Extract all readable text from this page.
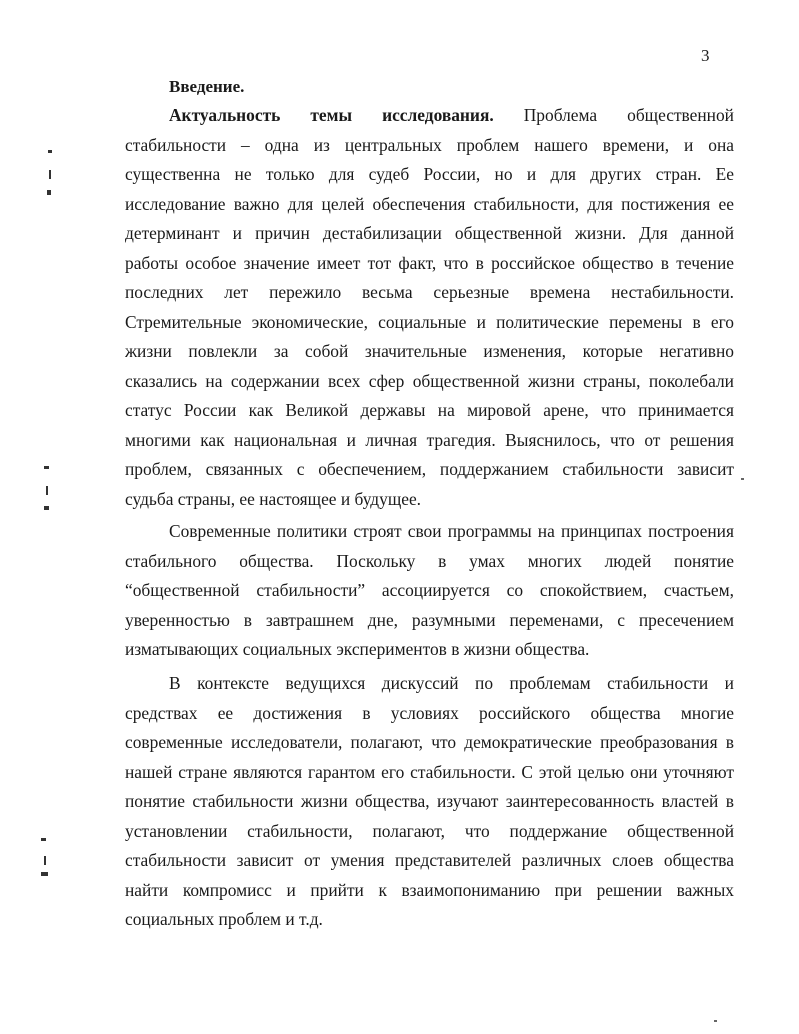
3
Введение.
Актуальность темы исследования. Проблема общественной
стабильности – одна из центральных проблем нашего времени, и она
существенна не только для судеб России, но и для других стран. Ее
исследование важно для целей обеспечения стабильности, для постижения ее
детерминант и причин дестабилизации общественной жизни. Для данной
работы особое значение имеет тот факт, что в российское общество в течение
последних лет пережило весьма серьезные времена нестабильности.
Стремительные экономические, социальные и политические перемены в его
жизни повлекли за собой значительные изменения, которые негативно
сказались на содержании всех сфер общественной жизни страны, поколебали
статус России как Великой державы на мировой арене, что принимается
многими как национальная и личная трагедия. Выяснилось, что от решения
проблем, связанных с обеспечением, поддержанием стабильности зависит
судьба страны, ее настоящее и будущее.
Современные политики строят свои программы на принципах построения
стабильного общества. Поскольку в умах многих людей понятие
“общественной стабильности” ассоциируется со спокойствием, счастьем,
уверенностью в завтрашнем дне, разумными переменами, с пресечением
изматывающих социальных экспериментов в жизни общества.
В контексте ведущихся дискуссий по проблемам стабильности и
средствах ее достижения в условиях российского общества многие
современные исследователи, полагают, что демократические преобразования в
нашей стране являются гарантом его стабильности. С этой целью они уточняют
понятие стабильности жизни общества, изучают заинтересованность властей в
установлении стабильности, полагают, что поддержание общественной
стабильности зависит от умения представителей различных слоев общества
найти компромисс и прийти к взаимопониманию при решении важных
социальных проблем и т.д.
